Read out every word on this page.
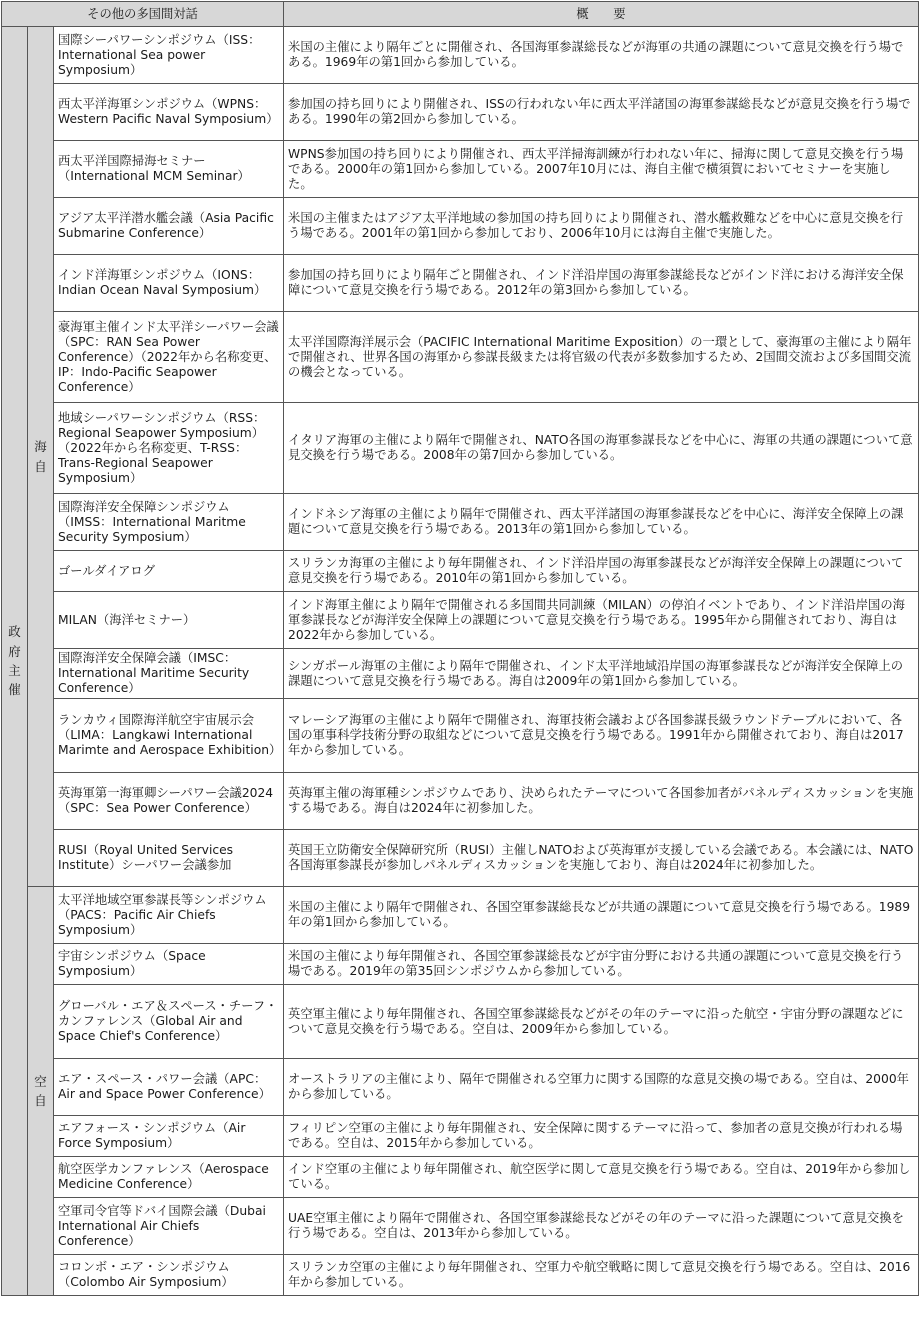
その他の多国間対話			概　　要
政府主催	海自	国際シーパワーシンポジウム（ISS：International Sea power Symposium）	米国の主催により隔年ごとに開催され、各国海軍参謀総長などが海軍の共通の課題について意見交換を行う場である。1969年の第1回から参加している。
		西太平洋海軍シンポジウム（WPNS：Western Pacific Naval Symposium）	参加国の持ち回りにより開催され、ISSの行われない年に西太平洋諸国の海軍参謀総長などが意見交換を行う場である。1990年の第2回から参加している。
		西太平洋国際掃海セミナー（International MCM Seminar）	WPNS参加国の持ち回りにより開催され、西太平洋掃海訓練が行われない年に、掃海に関して意見交換を行う場である。2000年の第1回から参加している。2007年10月には、海自主催で横須賀においてセミナーを実施した。
		アジア太平洋潜水艦会議（Asia Pacific Submarine Conference）	米国の主催またはアジア太平洋地域の参加国の持ち回りにより開催され、潜水艦救難などを中心に意見交換を行う場である。2001年の第1回から参加しており、2006年10月には海自主催で実施した。
		インド洋海軍シンポジウム（IONS：Indian Ocean Naval Symposium）	参加国の持ち回りにより隔年ごと開催され、インド洋沿岸国の海軍参謀総長などがインド洋における海洋安全保障について意見交換を行う場である。2012年の第3回から参加している。
		豪海軍主催インド太平洋シーパワー会議（SPC：RAN Sea Power Conference）（2022年から名称変更、IP：Indo-Pacific Seapower Conference）	太平洋国際海洋展示会（PACIFIC International Maritime Exposition）の一環として、豪海軍の主催により隔年で開催され、世界各国の海軍から参謀長級または将官級の代表が多数参加するため、2国間交流および多国間交流の機会となっている。
		地域シーパワーシンポジウム（RSS：Regional Seapower Symposium）（2022年から名称変更、T-RSS：Trans-Regional Seapower Symposium）	イタリア海軍の主催により隔年で開催され、NATO各国の海軍参謀長などを中心に、海軍の共通の課題について意見交換を行う場である。2008年の第7回から参加している。
		国際海洋安全保障シンポジウム（IMSS：International Maritme Security Symposium）	インドネシア海軍の主催により隔年で開催され、西太平洋諸国の海軍参謀長などを中心に、海洋安全保障上の課題について意見交換を行う場である。2013年の第1回から参加している。
		ゴールダイアログ	スリランカ海軍の主催により毎年開催され、インド洋沿岸国の海軍参謀長などが海洋安全保障上の課題について意見交換を行う場である。2010年の第1回から参加している。
		MILAN（海洋セミナー）	インド海軍主催により隔年で開催される多国間共同訓練（MILAN）の停泊イベントであり、インド洋沿岸国の海軍参謀長などが海洋安全保障上の課題について意見交換を行う場である。1995年から開催されており、海自は2022年から参加している。
		国際海洋安全保障会議（IMSC：International Maritime Security Conference）	シンガポール海軍の主催により隔年で開催され、インド太平洋地域沿岸国の海軍参謀長などが海洋安全保障上の課題について意見交換を行う場である。海自は2009年の第1回から参加している。
		ランカウィ国際海洋航空宇宙展示会（LIMA：Langkawi International Marimte and Aerospace Exhibition）	マレーシア海軍の主催により隔年で開催され、海軍技術会議および各国参謀長級ラウンドテーブルにおいて、各国の軍事科学技術分野の取組などについて意見交換を行う場である。1991年から開催されており、海自は2017年から参加している。
		英海軍第一海軍卿シーパワー会議2024（SPC：Sea Power Conference）	英海軍主催の海軍種シンポジウムであり、決められたテーマについて各国参加者がパネルディスカッションを実施する場である。海自は2024年に初参加した。
		RUSI（Royal United Services Institute）シーパワー会議参加	英国王立防衛安全保障研究所（RUSI）主催しNATOおよび英海軍が支援している会議である。本会議には、NATO各国海軍参謀長が参加しパネルディスカッションを実施しており、海自は2024年に初参加した。
	空自	太平洋地域空軍参謀長等シンポジウム（PACS：Pacific Air Chiefs Symposium）	米国の主催により隔年で開催され、各国空軍参謀総長などが共通の課題について意見交換を行う場である。1989年の第1回から参加している。
		宇宙シンポジウム（Space Symposium）	米国の主催により毎年開催され、各国空軍参謀総長などが宇宙分野における共通の課題について意見交換を行う場である。2019年の第35回シンポジウムから参加している。
		グローバル・エア＆スペース・チーフ・カンファレンス（Global Air and Space Chief's Conference）	英空軍主催により毎年開催され、各国空軍参謀総長などがその年のテーマに沿った航空・宇宙分野の課題などについて意見交換を行う場である。空自は、2009年から参加している。
		エア・スペース・パワー会議（APC：Air and Space Power Conference）	オーストラリアの主催により、隔年で開催される空軍力に関する国際的な意見交換の場である。空自は、2000年から参加している。
		エアフォース・シンポジウム（Air Force Symposium）	フィリピン空軍の主催により毎年開催され、安全保障に関するテーマに沿って、参加者の意見交換が行われる場である。空自は、2015年から参加している。
		航空医学カンファレンス（Aerospace Medicine Conference）	インド空軍の主催により毎年開催され、航空医学に関して意見交換を行う場である。空自は、2019年から参加している。
		空軍司令官等ドバイ国際会議（Dubai International Air Chiefs Conference）	UAE空軍主催により隔年で開催され、各国空軍参謀総長などがその年のテーマに沿った課題について意見交換を行う場である。空自は、2013年から参加している。
		コロンボ・エア・シンポジウム（Colombo Air Symposium）	スリランカ空軍の主催により毎年開催され、空軍力や航空戦略に関して意見交換を行う場である。空自は、2016年から参加している。
